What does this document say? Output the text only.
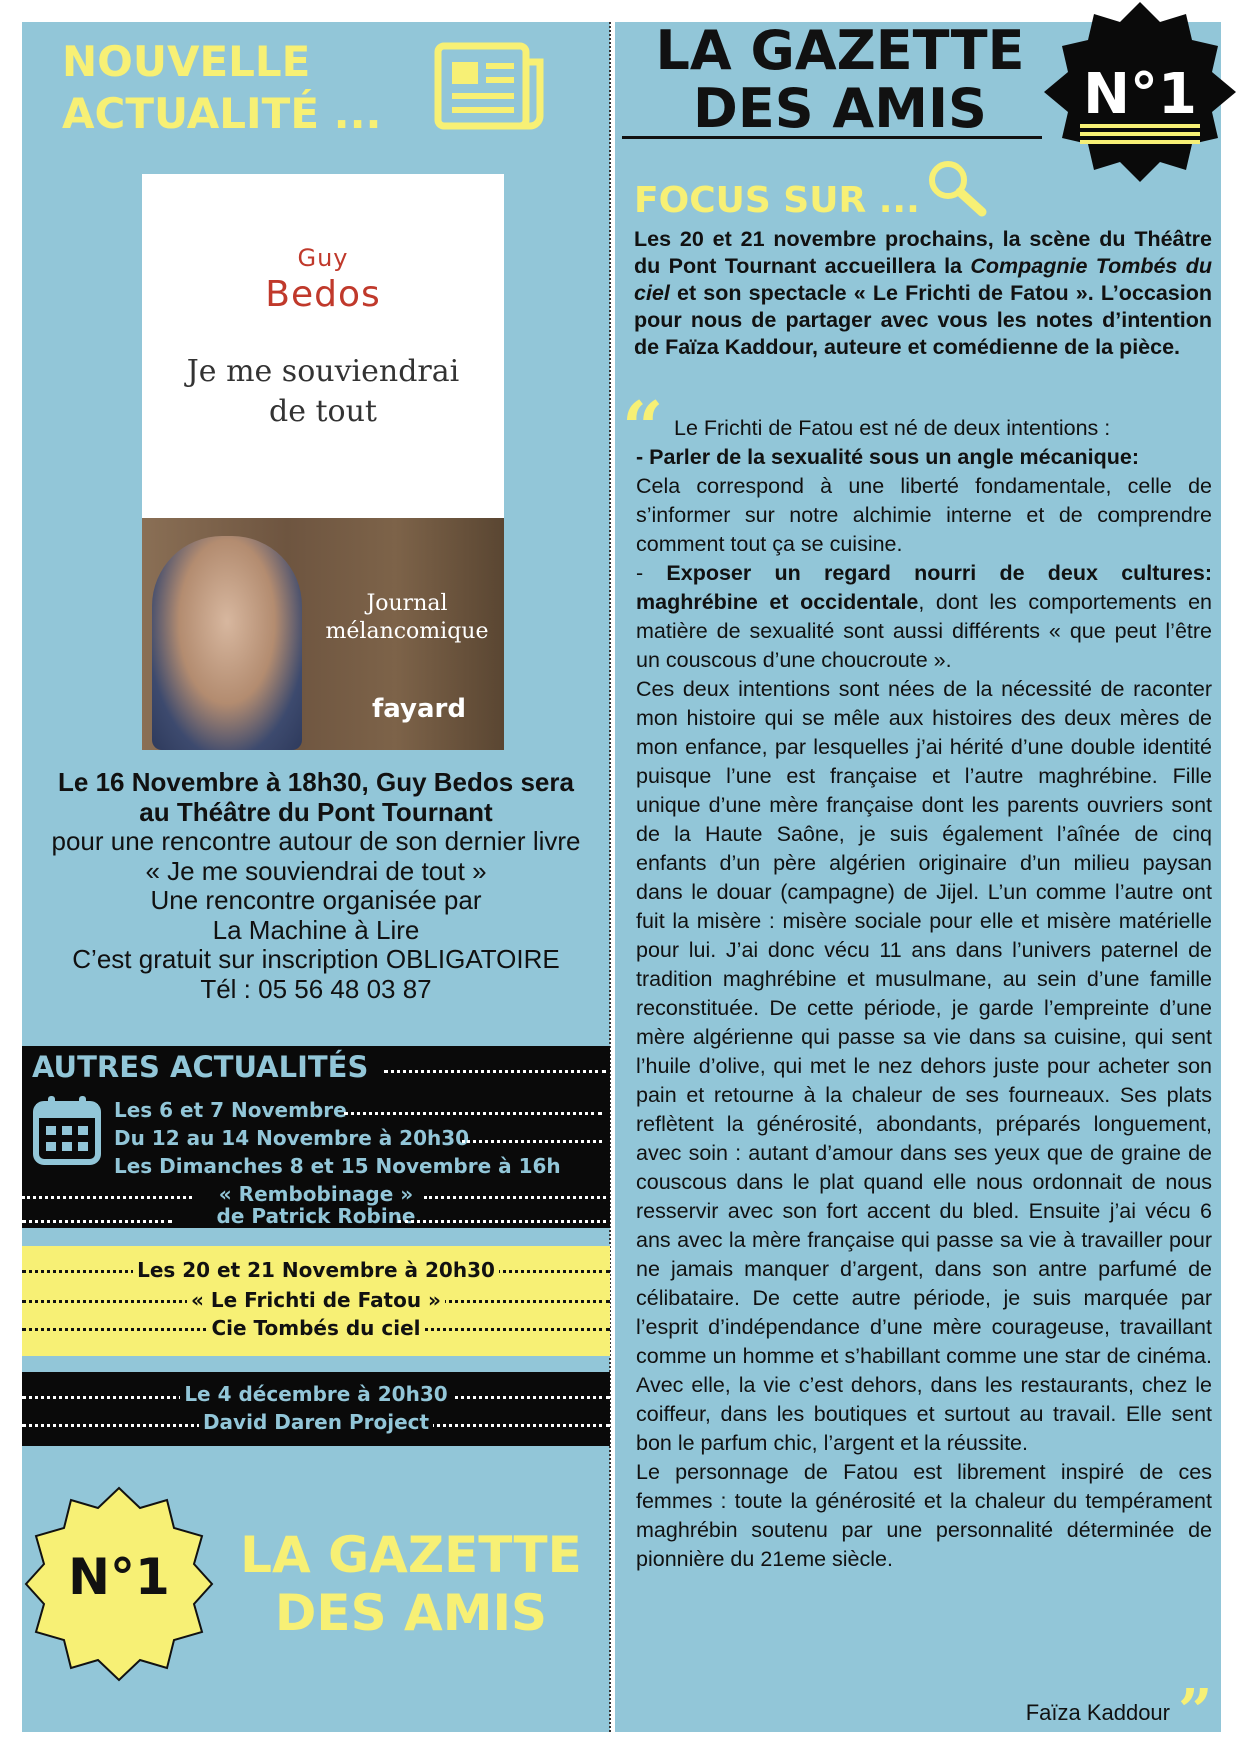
NOUVELLE
ACTUALITÉ ...
Guy
Bedos
Je me souviendrai
de tout
Journal
mélancomique
fayard
Le 16 Novembre à 18h30, Guy Bedos sera
au Théâtre du Pont Tournant
pour une rencontre autour de son dernier livre
« Je me souviendrai de tout »
Une rencontre organisée par
La Machine à Lire
C’est gratuit sur inscription OBLIGATOIRE
Tél : 05 56 48 03 87
AUTRES ACTUALITÉS
Les 6 et 7 Novembre
Du 12 au 14 Novembre à 20h30
Les Dimanches 8 et 15 Novembre à 16h
« Rembobinage »
de Patrick Robine
Les 20 et 21 Novembre à 20h30
« Le Frichti de Fatou »
Cie Tombés du ciel
Le 4 décembre à 20h30
David Daren Project
N°1	LA GAZETTE
DES AMIS
LA GAZETTE
DES AMIS	N°1
FOCUS SUR ...
Les 20 et 21 novembre prochains, la scène du Théâtre du Pont Tournant accueillera la Compagnie Tombés du ciel et son spectacle « Le Frichti de Fatou ». L’occasion pour nous de partager avec vous les notes d’intention de Faïza Kaddour, auteure et comédienne de la pièce.
“ Le Frichti de Fatou est né de deux intentions :

- Parler de la sexualité sous un angle mécanique:
Cela correspond à une liberté fondamentale, celle de s’informer sur notre alchimie interne et de comprendre comment tout ça se cuisine.

- Exposer un regard nourri de deux cultures: maghrébine et occidentale, dont les comportements en matière de sexualité sont aussi différents « que peut l’être un couscous d’une choucroute ».

Ces deux intentions sont nées de la nécessité de raconter mon histoire qui se mêle aux histoires des deux mères de mon enfance, par lesquelles j’ai hérité d’une double identité puisque l’une est française et l’autre maghrébine. Fille unique d’une mère française dont les parents ouvriers sont de la Haute Saône, je suis également l’aînée de cinq enfants d’un père algérien originaire d’un milieu paysan dans le douar (campagne) de Jijel. L’un comme l’autre ont fuit la misère : misère sociale pour elle et misère matérielle pour lui. J’ai donc vécu 11 ans dans l’univers paternel de tradition maghrébine et musulmane, au sein d’une famille reconstituée. De cette période, je garde l’empreinte d’une mère algérienne qui passe sa vie dans sa cuisine, qui sent l’huile d’olive, qui met le nez dehors juste pour acheter son pain et retourne à la chaleur de ses fourneaux. Ses plats reflètent la générosité, abondants, préparés longuement, avec soin : autant d’amour dans ses yeux que de graine de couscous dans le plat quand elle nous ordonnait de nous resservir avec son fort accent du bled. Ensuite j’ai vécu 6 ans avec la mère française qui passe sa vie à travailler pour ne jamais manquer d’argent, dans son antre parfumé de célibataire. De cette autre période, je suis marquée par l’esprit d’indépendance d’une mère courageuse, travaillant comme un homme et s’habillant comme une star de cinéma. Avec elle, la vie c’est dehors, dans les restaurants, chez le coiffeur, dans les boutiques et surtout au travail. Elle sent bon le parfum chic, l’argent et la réussite.

Le personnage de Fatou est librement inspiré de ces femmes : toute la générosité et la chaleur du tempérament maghrébin soutenu par une personnalité déterminée de pionnière du 21eme siècle.

Faïza Kaddour ”
